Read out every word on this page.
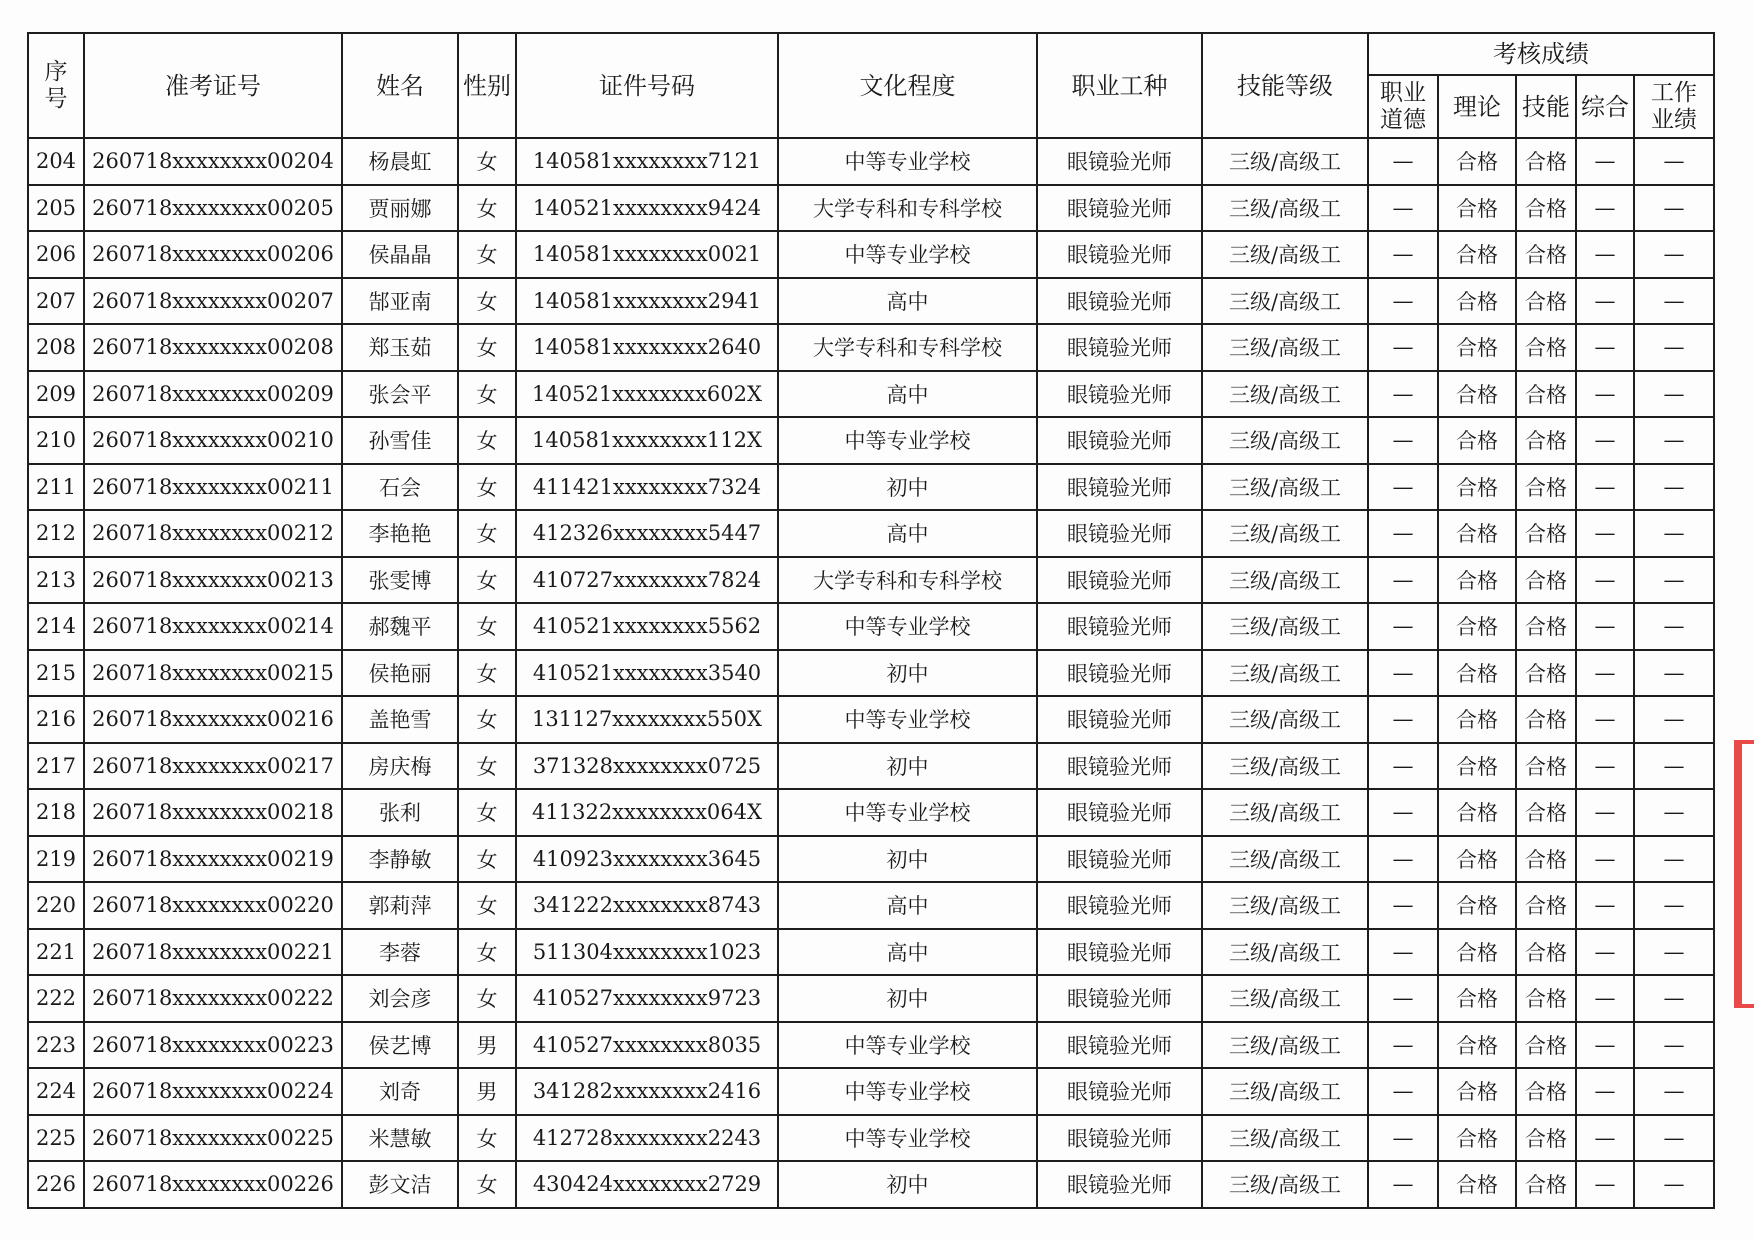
序号	准考证号	姓名	性别	证件号码	文化程度	职业工种	技能等级	考核成绩				
								职业道德	理论	技能	综合	工作业绩
204	260718xxxxxxxx00204	杨晨虹	女	140581xxxxxxxx7121	中等专业学校	眼镜验光师	三级/高级工	—	合格	合格	—	—
205	260718xxxxxxxx00205	贾丽娜	女	140521xxxxxxxx9424	大学专科和专科学校	眼镜验光师	三级/高级工	—	合格	合格	—	—
206	260718xxxxxxxx00206	侯晶晶	女	140581xxxxxxxx0021	中等专业学校	眼镜验光师	三级/高级工	—	合格	合格	—	—
207	260718xxxxxxxx00207	郜亚南	女	140581xxxxxxxx2941	高中	眼镜验光师	三级/高级工	—	合格	合格	—	—
208	260718xxxxxxxx00208	郑玉茹	女	140581xxxxxxxx2640	大学专科和专科学校	眼镜验光师	三级/高级工	—	合格	合格	—	—
209	260718xxxxxxxx00209	张会平	女	140521xxxxxxxx602X	高中	眼镜验光师	三级/高级工	—	合格	合格	—	—
210	260718xxxxxxxx00210	孙雪佳	女	140581xxxxxxxx112X	中等专业学校	眼镜验光师	三级/高级工	—	合格	合格	—	—
211	260718xxxxxxxx00211	石会	女	411421xxxxxxxx7324	初中	眼镜验光师	三级/高级工	—	合格	合格	—	—
212	260718xxxxxxxx00212	李艳艳	女	412326xxxxxxxx5447	高中	眼镜验光师	三级/高级工	—	合格	合格	—	—
213	260718xxxxxxxx00213	张雯博	女	410727xxxxxxxx7824	大学专科和专科学校	眼镜验光师	三级/高级工	—	合格	合格	—	—
214	260718xxxxxxxx00214	郝魏平	女	410521xxxxxxxx5562	中等专业学校	眼镜验光师	三级/高级工	—	合格	合格	—	—
215	260718xxxxxxxx00215	侯艳丽	女	410521xxxxxxxx3540	初中	眼镜验光师	三级/高级工	—	合格	合格	—	—
216	260718xxxxxxxx00216	盖艳雪	女	131127xxxxxxxx550X	中等专业学校	眼镜验光师	三级/高级工	—	合格	合格	—	—
217	260718xxxxxxxx00217	房庆梅	女	371328xxxxxxxx0725	初中	眼镜验光师	三级/高级工	—	合格	合格	—	—
218	260718xxxxxxxx00218	张利	女	411322xxxxxxxx064X	中等专业学校	眼镜验光师	三级/高级工	—	合格	合格	—	—
219	260718xxxxxxxx00219	李静敏	女	410923xxxxxxxx3645	初中	眼镜验光师	三级/高级工	—	合格	合格	—	—
220	260718xxxxxxxx00220	郭莉萍	女	341222xxxxxxxx8743	高中	眼镜验光师	三级/高级工	—	合格	合格	—	—
221	260718xxxxxxxx00221	李蓉	女	511304xxxxxxxx1023	高中	眼镜验光师	三级/高级工	—	合格	合格	—	—
222	260718xxxxxxxx00222	刘会彦	女	410527xxxxxxxx9723	初中	眼镜验光师	三级/高级工	—	合格	合格	—	—
223	260718xxxxxxxx00223	侯艺博	男	410527xxxxxxxx8035	中等专业学校	眼镜验光师	三级/高级工	—	合格	合格	—	—
224	260718xxxxxxxx00224	刘奇	男	341282xxxxxxxx2416	中等专业学校	眼镜验光师	三级/高级工	—	合格	合格	—	—
225	260718xxxxxxxx00225	米慧敏	女	412728xxxxxxxx2243	中等专业学校	眼镜验光师	三级/高级工	—	合格	合格	—	—
226	260718xxxxxxxx00226	彭文洁	女	430424xxxxxxxx2729	初中	眼镜验光师	三级/高级工	—	合格	合格	—	—
